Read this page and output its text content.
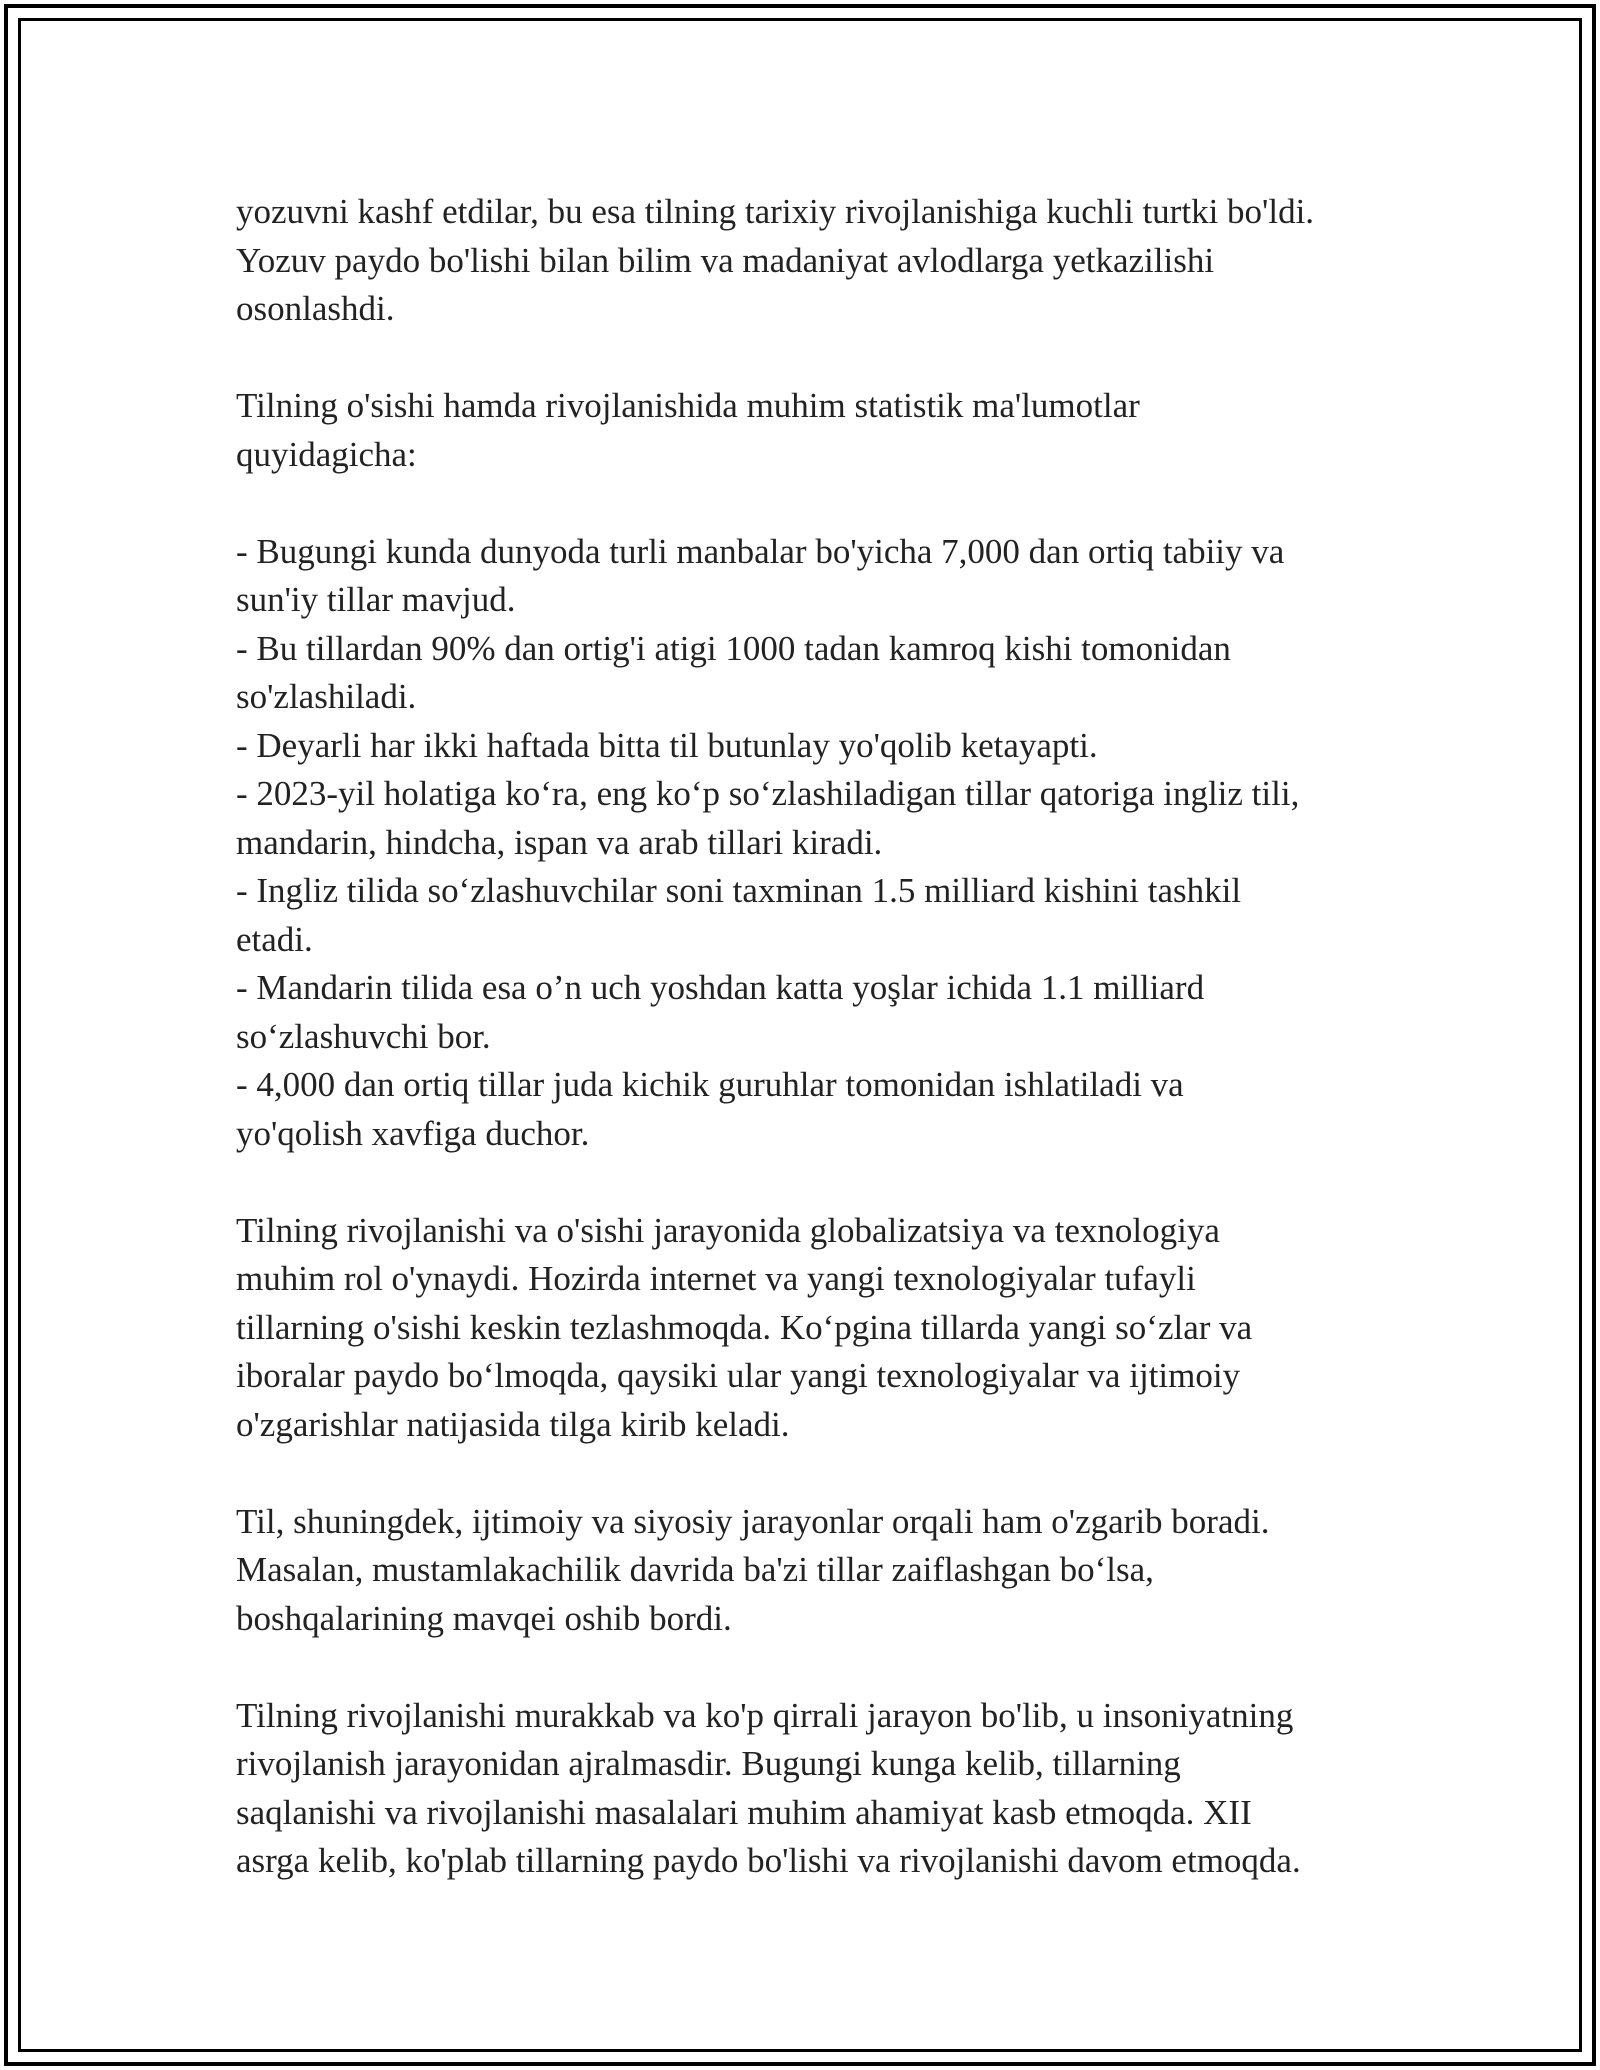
yozuvni kashf etdilar, bu esa tilning tarixiy rivojlanishiga kuchli turtki bo'ldi.
Yozuv paydo bo'lishi bilan bilim va madaniyat avlodlarga yetkazilishi
osonlashdi.

Tilning o'sishi hamda rivojlanishida muhim statistik ma'lumotlar
quyidagicha:

- Bugungi kunda dunyoda turli manbalar bo'yicha 7,000 dan ortiq tabiiy va
sun'iy tillar mavjud.
- Bu tillardan 90% dan ortig'i atigi 1000 tadan kamroq kishi tomonidan
so'zlashiladi.
- Deyarli har ikki haftada bitta til butunlay yo'qolib ketayapti.
- 2023-yil holatiga ko‘ra, eng ko‘p so‘zlashiladigan tillar qatoriga ingliz tili,
mandarin, hindcha, ispan va arab tillari kiradi.
- Ingliz tilida so‘zlashuvchilar soni taxminan 1.5 milliard kishini tashkil
etadi.
- Mandarin tilida esa o’n uch yoshdan katta yoşlar ichida 1.1 milliard
so‘zlashuvchi bor.
- 4,000 dan ortiq tillar juda kichik guruhlar tomonidan ishlatiladi va
yo'qolish xavfiga duchor.

Tilning rivojlanishi va o'sishi jarayonida globalizatsiya va texnologiya
muhim rol o'ynaydi. Hozirda internet va yangi texnologiyalar tufayli
tillarning o'sishi keskin tezlashmoqda. Ko‘pgina tillarda yangi so‘zlar va
iboralar paydo bo‘lmoqda, qaysiki ular yangi texnologiyalar va ijtimoiy
o'zgarishlar natijasida tilga kirib keladi.

Til, shuningdek, ijtimoiy va siyosiy jarayonlar orqali ham o'zgarib boradi.
Masalan, mustamlakachilik davrida ba'zi tillar zaiflashgan bo‘lsa,
boshqalarining mavqei oshib bordi.

Tilning rivojlanishi murakkab va ko'p qirrali jarayon bo'lib, u insoniyatning
rivojlanish jarayonidan ajralmasdir. Bugungi kunga kelib, tillarning
saqlanishi va rivojlanishi masalalari muhim ahamiyat kasb etmoqda. XII
asrga kelib, ko'plab tillarning paydo bo'lishi va rivojlanishi davom etmoqda.
